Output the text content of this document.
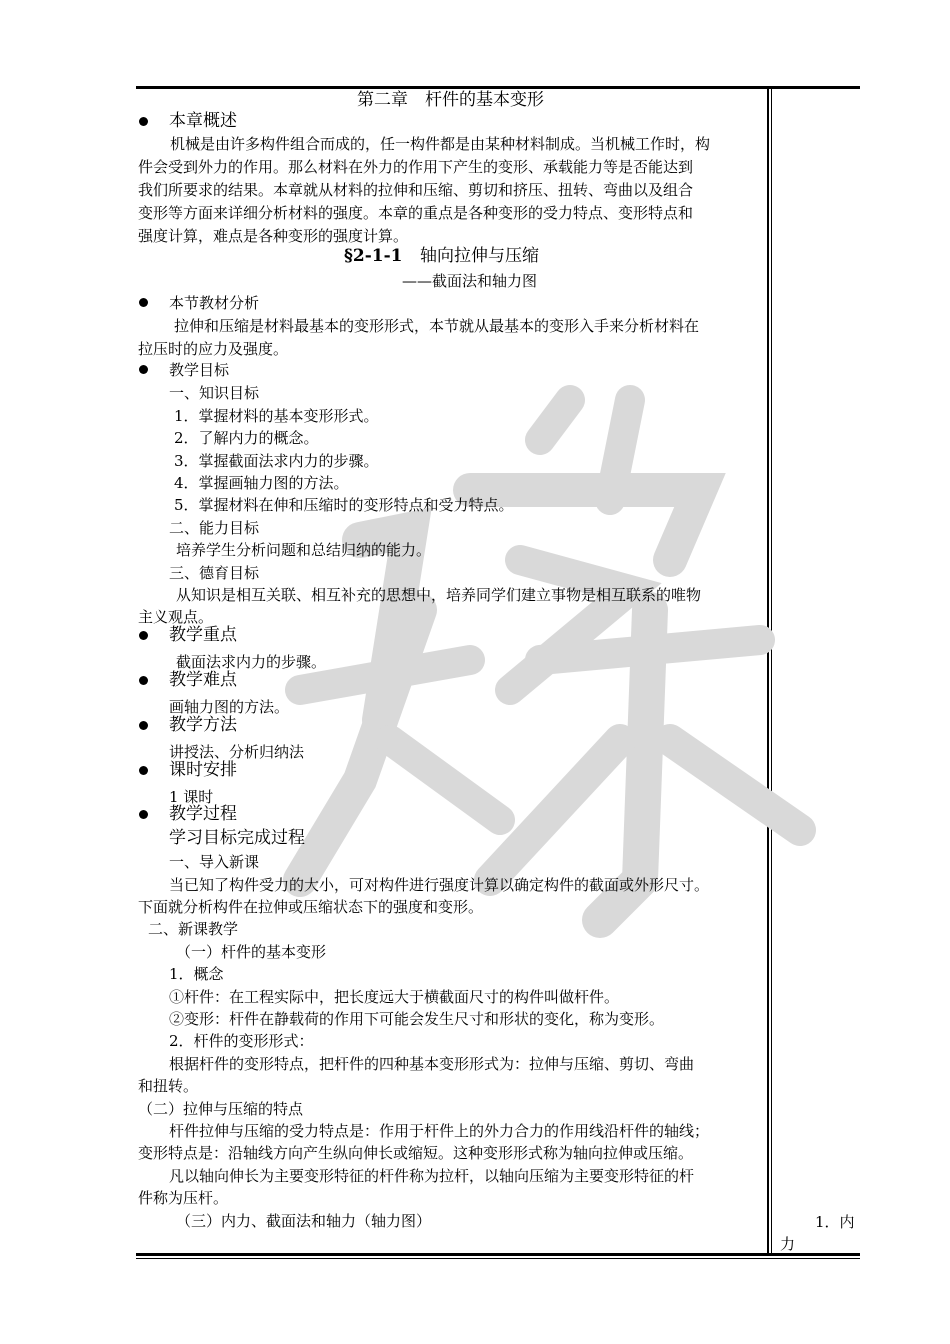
第二章　杆件的基本变形
本章概述
机械是由许多构件组合而成的，任一构件都是由某种材料制成。当机械工作时，构
件会受到外力的作用。那么材料在外力的作用下产生的变形、承载能力等是否能达到
我们所要求的结果。本章就从材料的拉伸和压缩、剪切和挤压、扭转、弯曲以及组合
变形等方面来详细分析材料的强度。本章的重点是各种变形的受力特点、变形特点和
强度计算，难点是各种变形的强度计算。
§2-1-1 轴向拉伸与压缩
——截面法和轴力图
本节教材分析
拉伸和压缩是材料最基本的变形形式，本节就从最基本的变形入手来分析材料在
拉压时的应力及强度。
教学目标
一、知识目标
1．掌握材料的基本变形形式。
2．了解内力的概念。
3．掌握截面法求内力的步骤。
4．掌握画轴力图的方法。
5．掌握材料在伸和压缩时的变形特点和受力特点。
二、能力目标
培养学生分析问题和总结归纳的能力。
三、德育目标
从知识是相互关联、相互补充的思想中，培养同学们建立事物是相互联系的唯物
主义观点。
教学重点
截面法求内力的步骤。
教学难点
画轴力图的方法。
教学方法
讲授法、分析归纳法
课时安排
1 课时
教学过程
学习目标完成过程
一、导入新课
当已知了构件受力的大小，可对构件进行强度计算以确定构件的截面或外形尺寸。
下面就分析构件在拉伸或压缩状态下的强度和变形。
二、新课教学
（一）杆件的基本变形
1．概念
①杆件：在工程实际中，把长度远大于横截面尺寸的构件叫做杆件。
②变形：杆件在静载荷的作用下可能会发生尺寸和形状的变化，称为变形。
2．杆件的变形形式：
根据杆件的变形特点，把杆件的四种基本变形形式为：拉伸与压缩、剪切、弯曲
和扭转。
（二）拉伸与压缩的特点
杆件拉伸与压缩的受力特点是：作用于杆件上的外力合力的作用线沿杆件的轴线；
变形特点是：沿轴线方向产生纵向伸长或缩短。这种变形形式称为轴向拉伸或压缩。
凡以轴向伸长为主要变形特征的杆件称为拉杆，以轴向压缩为主要变形特征的杆
件称为压杆。
（三）内力、截面法和轴力（轴力图）	1．内
力
